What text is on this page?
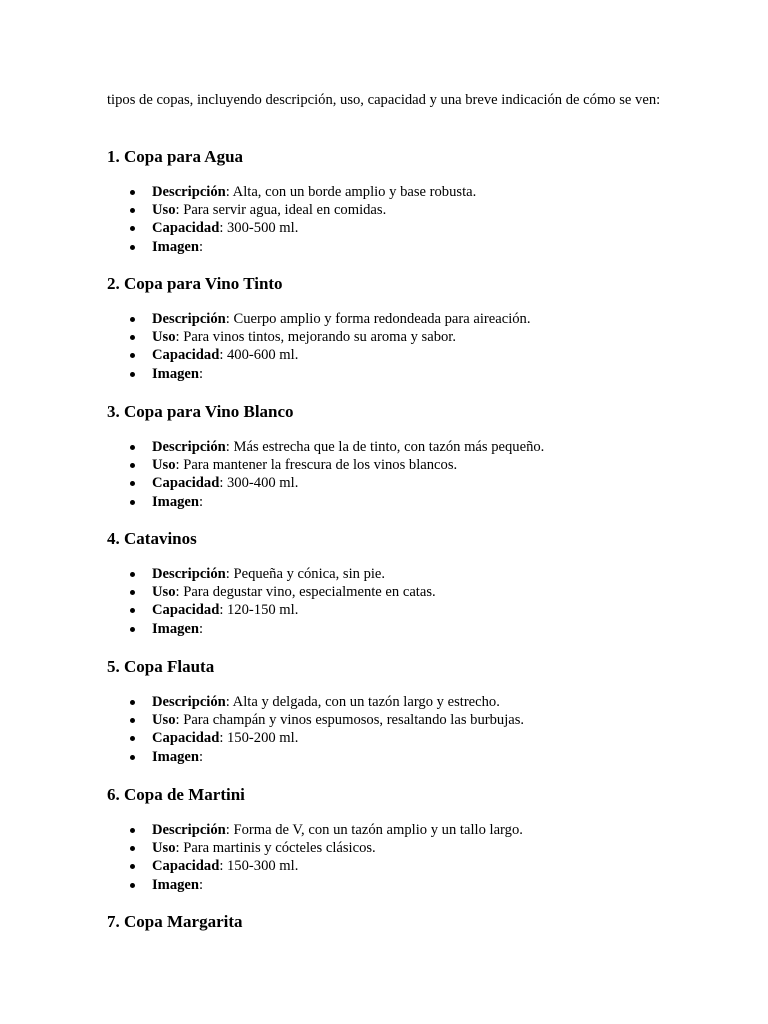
tipos de copas, incluyendo descripción, uso, capacidad y una breve indicación de cómo se ven:

1. Copa para Agua
Descripción: Alta, con un borde amplio y base robusta.
Uso: Para servir agua, ideal en comidas.
Capacidad: 300-500 ml.
Imagen:
2. Copa para Vino Tinto
Descripción: Cuerpo amplio y forma redondeada para aireación.
Uso: Para vinos tintos, mejorando su aroma y sabor.
Capacidad: 400-600 ml.
Imagen:
3. Copa para Vino Blanco
Descripción: Más estrecha que la de tinto, con tazón más pequeño.
Uso: Para mantener la frescura de los vinos blancos.
Capacidad: 300-400 ml.
Imagen:
4. Catavinos
Descripción: Pequeña y cónica, sin pie.
Uso: Para degustar vino, especialmente en catas.
Capacidad: 120-150 ml.
Imagen:
5. Copa Flauta
Descripción: Alta y delgada, con un tazón largo y estrecho.
Uso: Para champán y vinos espumosos, resaltando las burbujas.
Capacidad: 150-200 ml.
Imagen:
6. Copa de Martini
Descripción: Forma de V, con un tazón amplio y un tallo largo.
Uso: Para martinis y cócteles clásicos.
Capacidad: 150-300 ml.
Imagen:
7. Copa Margarita
